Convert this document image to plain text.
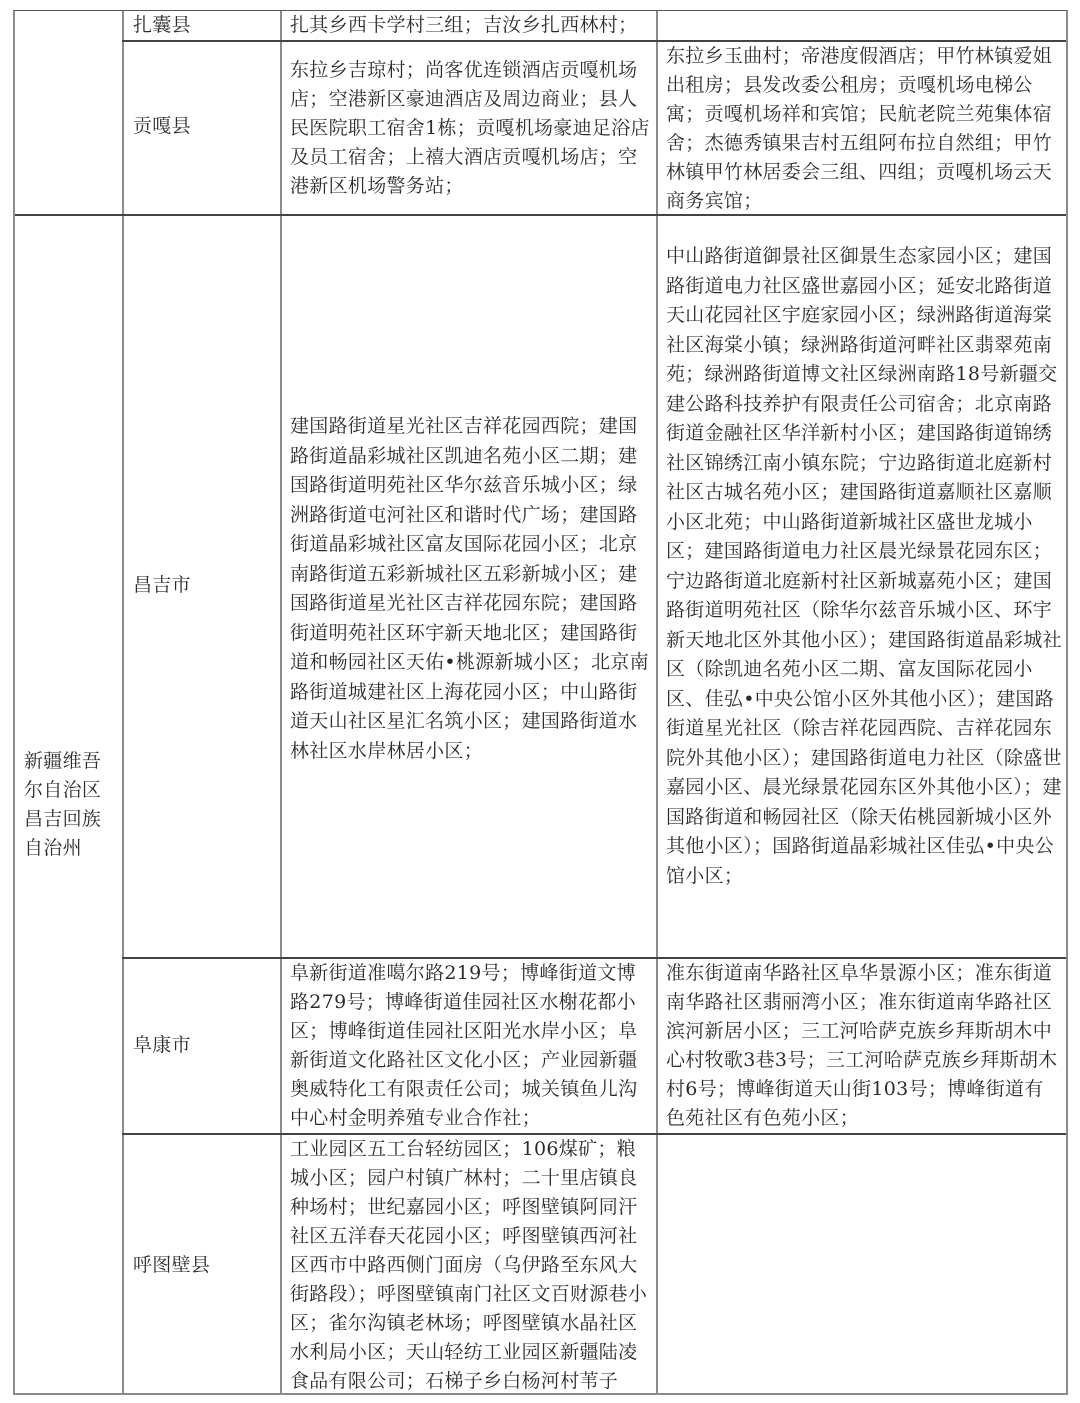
新疆维吾
尔自治区
昌吉回族
自治州
扎囊县	扎其乡西卡学村三组；吉汝乡扎西林村；
贡嘎县
东拉乡吉琼村；尚客优连锁酒店贡嘎机场店；空港新区豪迪酒店及周边商业；县人民医院职工宿舍1栋；贡嘎机场豪迪足浴店及员工宿舍；上禧大酒店贡嘎机场店；空港新区机场警务站；
东拉乡玉曲村；帝港度假酒店；甲竹林镇爱姐出租房；县发改委公租房；贡嘎机场电梯公寓；贡嘎机场祥和宾馆；民航老院兰苑集体宿舍；杰德秀镇果吉村五组阿布拉自然组；甲竹林镇甲竹林居委会三组、四组；贡嘎机场云天商务宾馆；
昌吉市
建国路街道星光社区吉祥花园西院；建国路街道晶彩城社区凯迪名苑小区二期；建国路街道明苑社区华尔兹音乐城小区；绿洲路街道屯河社区和谐时代广场；建国路街道晶彩城社区富友国际花园小区；北京南路街道五彩新城社区五彩新城小区；建国路街道星光社区吉祥花园东院；建国路街道明苑社区环宇新天地北区；建国路街道和畅园社区天佑•桃源新城小区；北京南路街道城建社区上海花园小区；中山路街道天山社区星汇名筑小区；建国路街道水林社区水岸林居小区；
中山路街道御景社区御景生态家园小区；建国路街道电力社区盛世嘉园小区；延安北路街道天山花园社区宇庭家园小区；绿洲路街道海棠社区海棠小镇；绿洲路街道河畔社区翡翠苑南苑；绿洲路街道博文社区绿洲南路18号新疆交建公路科技养护有限责任公司宿舍；北京南路街道金融社区华洋新村小区；建国路街道锦绣社区锦绣江南小镇东院；宁边路街道北庭新村社区古城名苑小区；建国路街道嘉顺社区嘉顺小区北苑；中山路街道新城社区盛世龙城小区；建国路街道电力社区晨光绿景花园东区；宁边路街道北庭新村社区新城嘉苑小区；建国路街道明苑社区（除华尔兹音乐城小区、环宇新天地北区外其他小区）；建国路街道晶彩城社区（除凯迪名苑小区二期、富友国际花园小区、佳弘•中央公馆小区外其他小区）；建国路街道星光社区（除吉祥花园西院、吉祥花园东院外其他小区）；建国路街道电力社区（除盛世嘉园小区、晨光绿景花园东区外其他小区）；建国路街道和畅园社区（除天佑桃园新城小区外其他小区）；国路街道晶彩城社区佳弘•中央公馆小区；
阜康市
阜新街道准噶尔路219号；博峰街道文博路279号；博峰街道佳园社区水榭花都小区；博峰街道佳园社区阳光水岸小区；阜新街道文化路社区文化小区；产业园新疆奥威特化工有限责任公司；城关镇鱼儿沟中心村金明养殖专业合作社；
准东街道南华路社区阜华景源小区；准东街道南华路社区翡丽湾小区；准东街道南华路社区滨河新居小区；三工河哈萨克族乡拜斯胡木中心村牧歌3巷3号；三工河哈萨克族乡拜斯胡木村6号；博峰街道天山街103号；博峰街道有色苑社区有色苑小区；
呼图壁县
工业园区五工台轻纺园区；106煤矿；粮城小区；园户村镇广林村；二十里店镇良种场村；世纪嘉园小区；呼图壁镇阿同汗社区五洋春天花园小区；呼图壁镇西河社区西市中路西侧门面房（乌伊路至东风大街路段）；呼图壁镇南门社区文百财源巷小区；雀尔沟镇老林场；呼图壁镇水晶社区水利局小区；天山轻纺工业园区新疆陆凌食品有限公司；石梯子乡白杨河村苇子
